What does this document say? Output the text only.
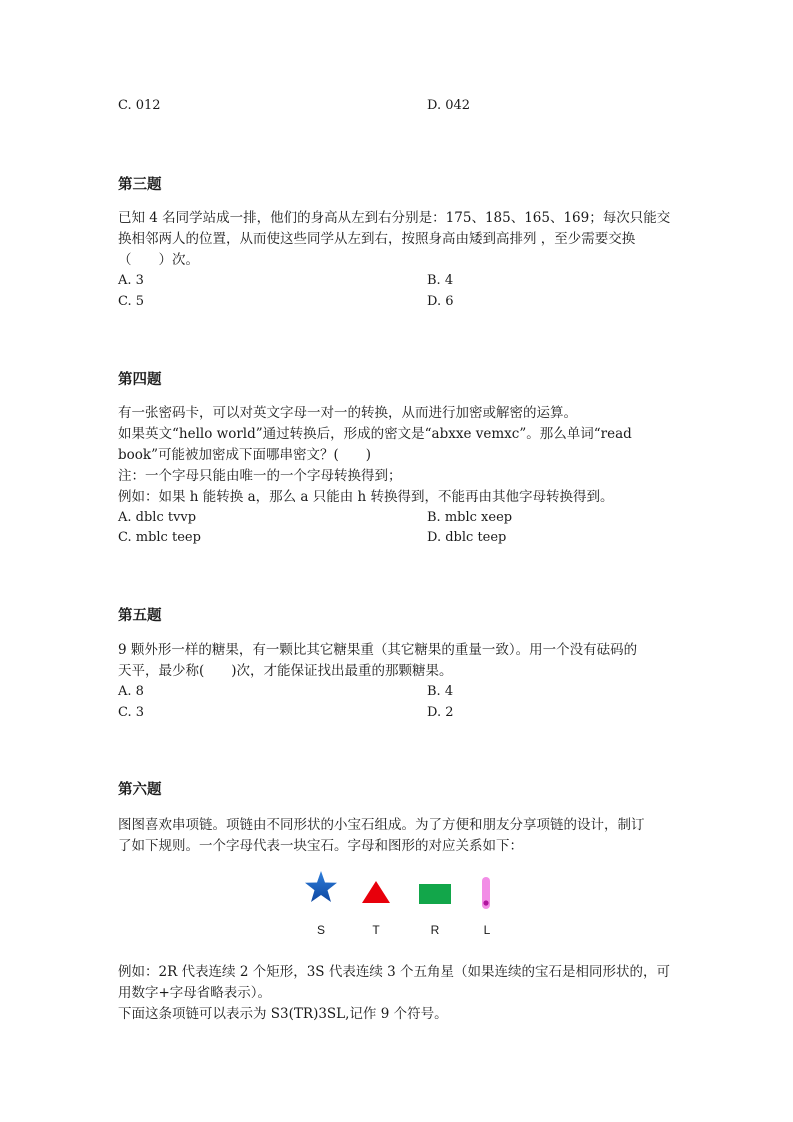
C. 012	D. 042
第三题
已知 4 名同学站成一排，他们的身高从左到右分别是：175、185、165、169；每次只能交
换相邻两人的位置，从而使这些同学从左到右，按照身高由矮到高排列 ，至少需要交换
（　　）次。
A. 3	B. 4
C. 5	D. 6
第四题
有一张密码卡，可以对英文字母一对一的转换，从而进行加密或解密的运算。
如果英文“hello world”通过转换后，形成的密文是“abxxe vemxc”。那么单词“read
book”可能被加密成下面哪串密文？(　　)
注：一个字母只能由唯一的一个字母转换得到；
例如：如果 h 能转换 a，那么 a 只能由 h 转换得到，不能再由其他字母转换得到。
A. dblc tvvp	B. mblc xeep
C. mblc teep	D. dblc teep
第五题
9 颗外形一样的糖果，有一颗比其它糖果重（其它糖果的重量一致）。用一个没有砝码的
天平，最少称(　　)次，才能保证找出最重的那颗糖果。
A. 8	B. 4
C. 3	D. 2
第六题
图图喜欢串项链。项链由不同形状的小宝石组成。为了方便和朋友分享项链的设计，制订
了如下规则。一个字母代表一块宝石。字母和图形的对应关系如下：
S	T	R	L
例如：2R 代表连续 2 个矩形，3S 代表连续 3 个五角星（如果连续的宝石是相同形状的，可
用数字+字母省略表示）。
下面这条项链可以表示为 S3(TR)3SL,记作 9 个符号。
